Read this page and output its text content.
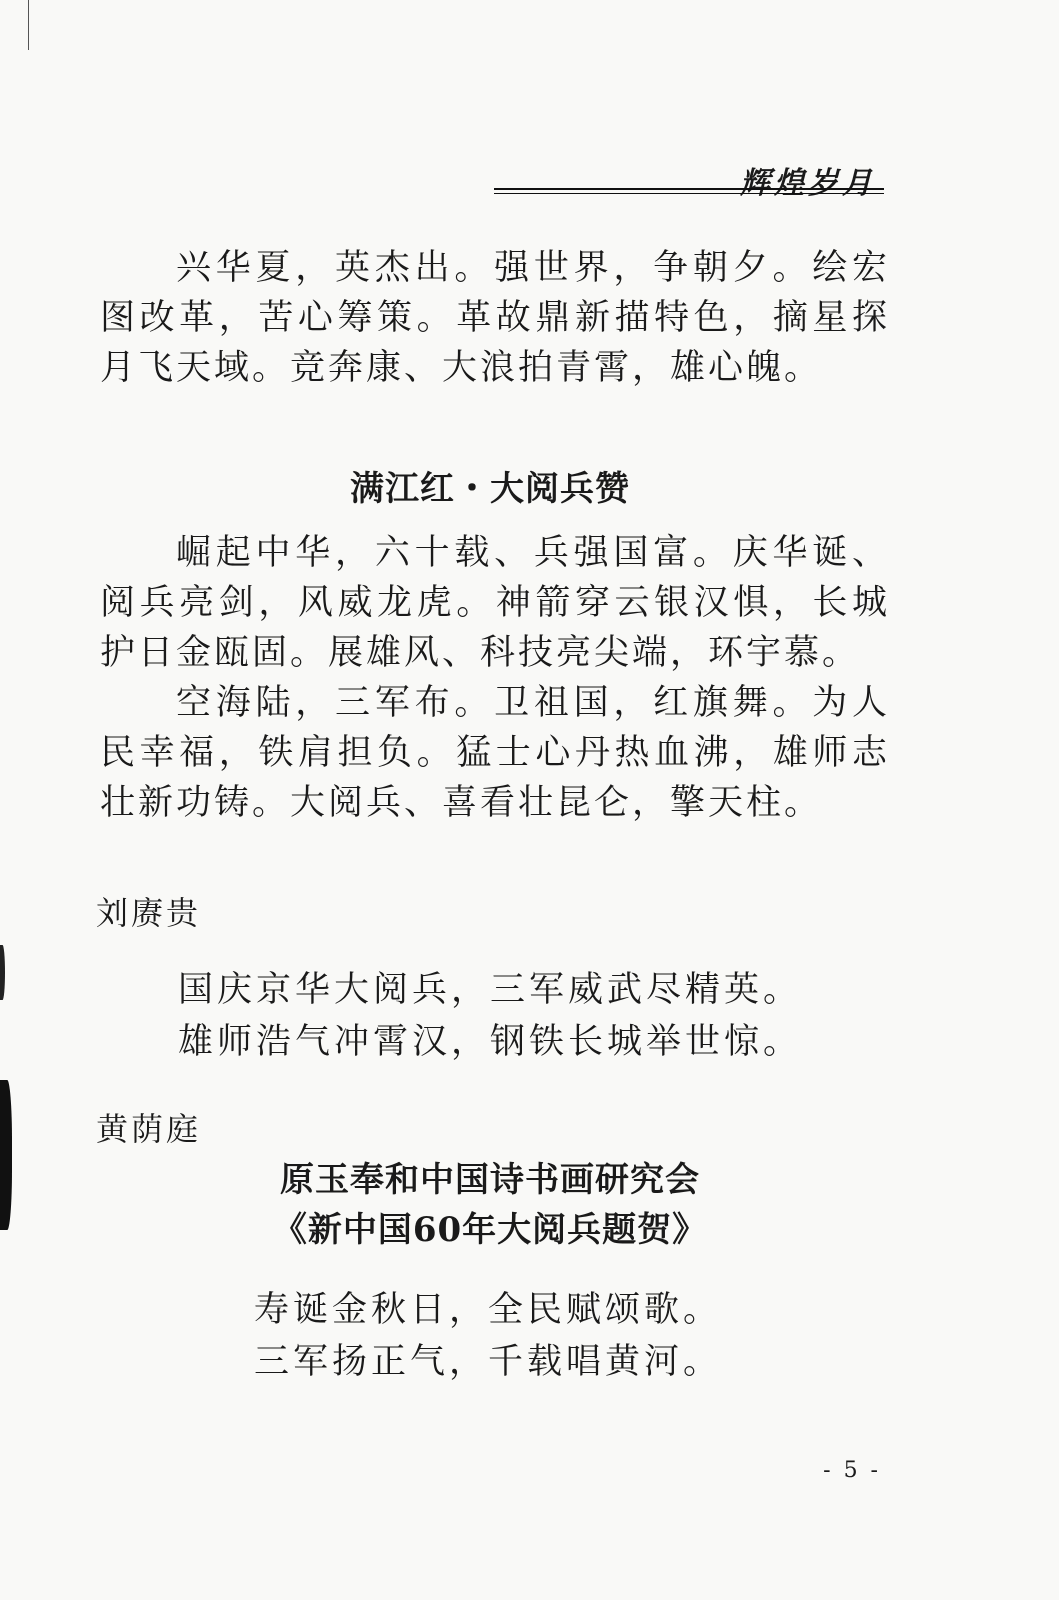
辉煌岁月

兴华夏，英杰出。强世界，争朝夕。绘宏图改革，苦心筹策。革故鼎新描特色，摘星探月飞天域。竞奔康、大浪拍青霄，雄心魄。

满江红・大阅兵赞

崛起中华，六十载、兵强国富。庆华诞、阅兵亮剑，风威龙虎。神箭穿云银汉惧，长城护日金瓯固。展雄风、科技亮尖端，环宇慕。

空海陆，三军布。卫祖国，红旗舞。为人民幸福，铁肩担负。猛士心丹热血沸，雄师志壮新功铸。大阅兵、喜看壮昆仑，擎天柱。

刘赓贵
国庆京华大阅兵，三军威武尽精英。
雄师浩气冲霄汉，钢铁长城举世惊。
黄荫庭
原玉奉和中国诗书画研究会
《新中国60年大阅兵题贺》
寿诞金秋日，全民赋颂歌。
三军扬正气，千载唱黄河。
- 5 -
